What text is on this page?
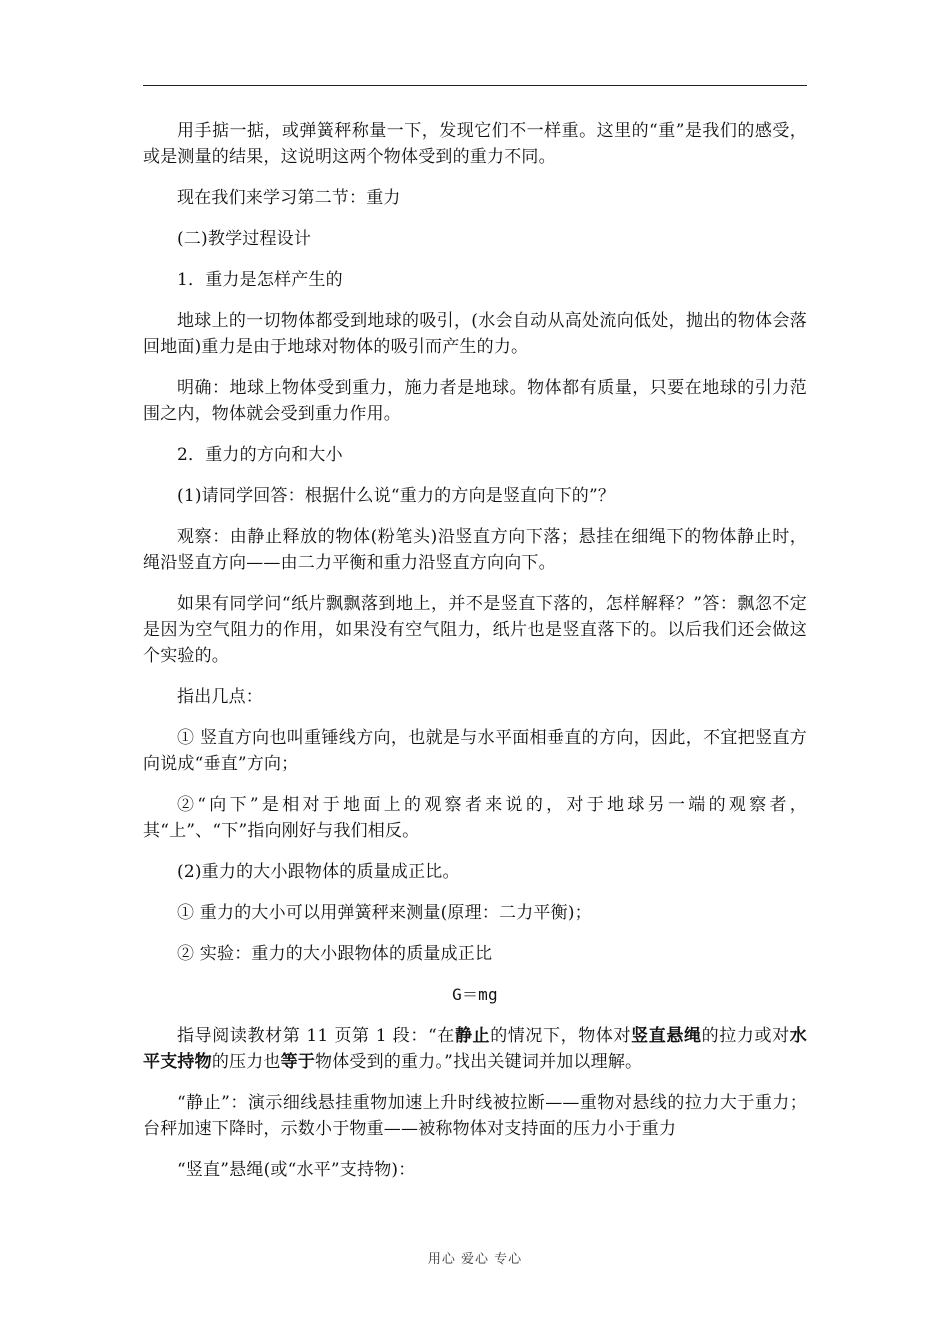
用手掂一掂，或弹簧秤称量一下，发现它们不一样重。这里的“重”是我们的感受，或是测量的结果，这说明这两个物体受到的重力不同。

现在我们来学习第二节：重力

(二)教学过程设计

1．重力是怎样产生的

地球上的一切物体都受到地球的吸引，(水会自动从高处流向低处，抛出的物体会落回地面)重力是由于地球对物体的吸引而产生的力。

明确：地球上物体受到重力，施力者是地球。物体都有质量，只要在地球的引力范围之内，物体就会受到重力作用。

2．重力的方向和大小

(1)请同学回答：根据什么说“重力的方向是竖直向下的”？

观察：由静止释放的物体(粉笔头)沿竖直方向下落；悬挂在细绳下的物体静止时，绳沿竖直方向——由二力平衡和重力沿竖直方向向下。

如果有同学问“纸片飘飘落到地上，并不是竖直下落的，怎样解释？”答：飘忽不定是因为空气阻力的作用，如果没有空气阻力，纸片也是竖直落下的。以后我们还会做这个实验的。

指出几点：

① 竖直方向也叫重锤线方向，也就是与水平面相垂直的方向，因此，不宜把竖直方向说成“垂直”方向；

②“向下”是相对于地面上的观察者来说的，对于地球另一端的观察者，其“上”、“下”指向刚好与我们相反。

(2)重力的大小跟物体的质量成正比。

① 重力的大小可以用弹簧秤来测量(原理：二力平衡)；

② 实验：重力的大小跟物体的质量成正比

G＝mg

指导阅读教材第 11 页第 1 段：“在静止的情况下，物体对竖直悬绳的拉力或对水平支持物的压力也等于物体受到的重力。”找出关键词并加以理解。

“静止”：演示细线悬挂重物加速上升时线被拉断——重物对悬线的拉力大于重力；台秤加速下降时，示数小于物重——被称物体对支持面的压力小于重力

“竖直”悬绳(或“水平”支持物)：

用心 爱心 专心
